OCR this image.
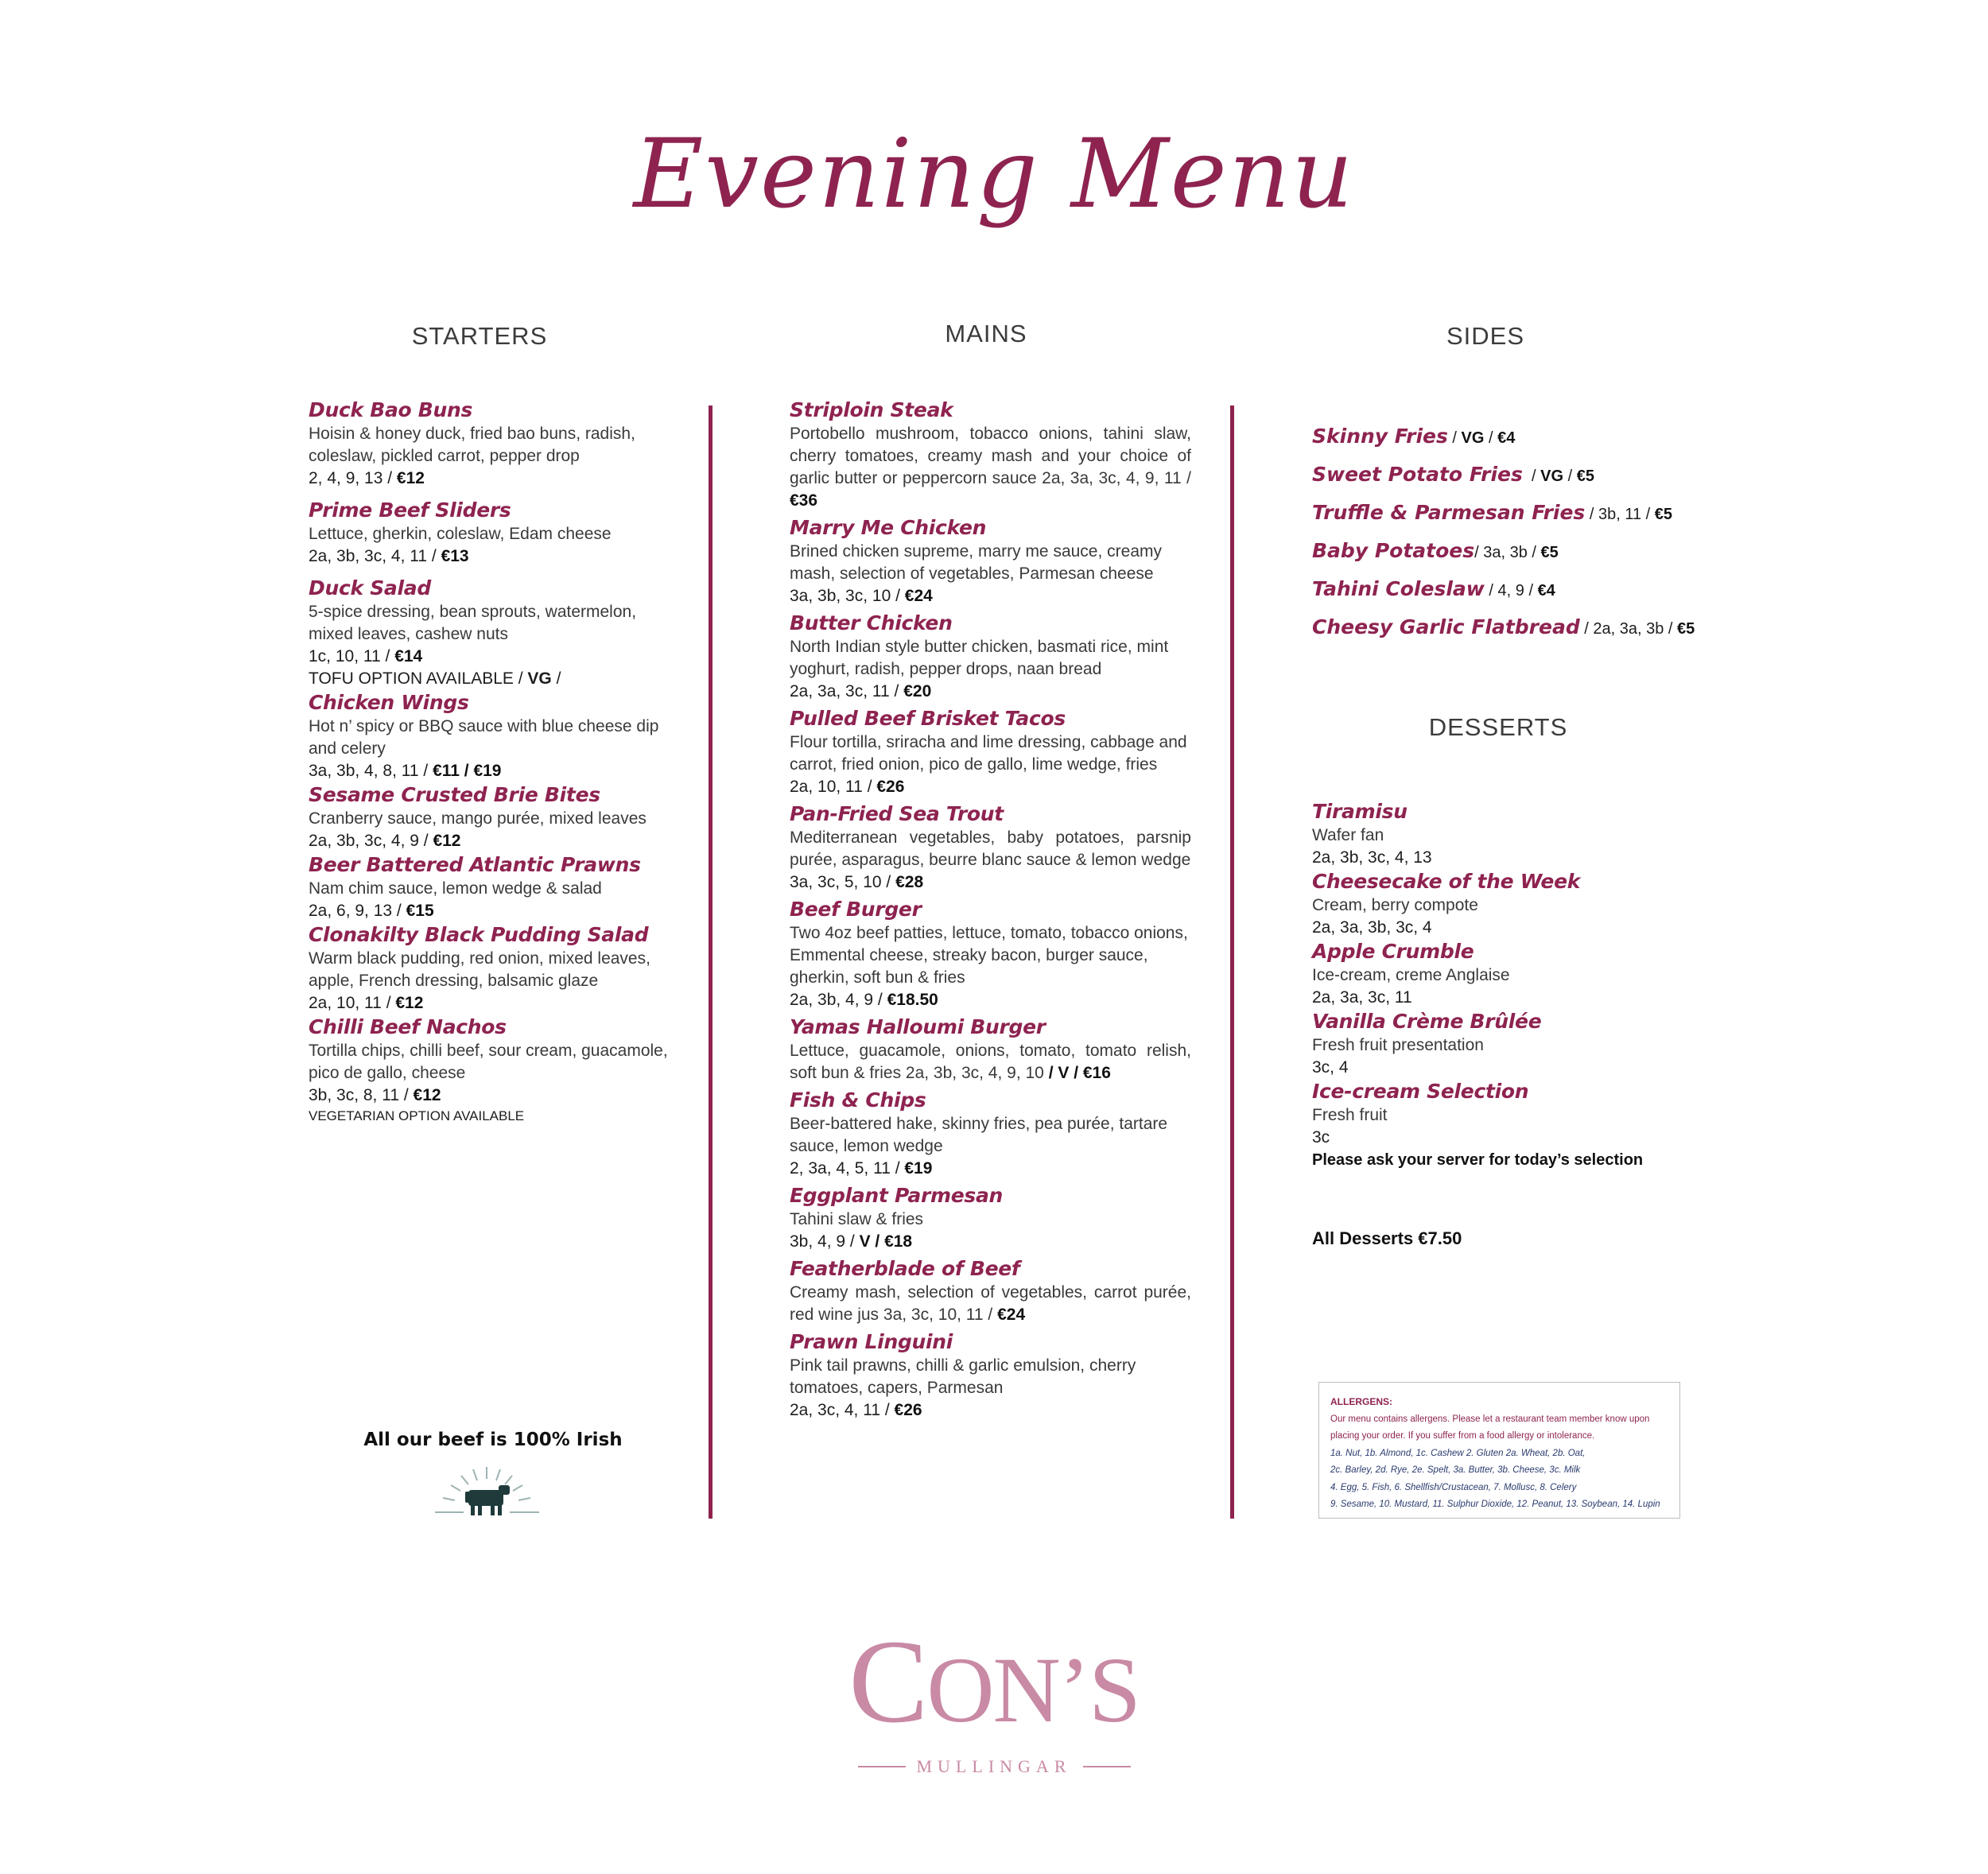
Evening Menu
STARTERS	MAINS	SIDES
DESSERTS
Duck Bao Buns
Hoisin & honey duck, fried bao buns, radish, coleslaw, pickled carrot, pepper drop
2, 4, 9, 13 / €12
Prime Beef Sliders
Lettuce, gherkin, coleslaw, Edam cheese
2a, 3b, 3c, 4, 11 / €13
Duck Salad
5-spice dressing, bean sprouts, watermelon, mixed leaves, cashew nuts
1c, 10, 11 / €14
TOFU OPTION AVAILABLE / VG /
Chicken Wings
Hot n’ spicy or BBQ sauce with blue cheese dip and celery
3a, 3b, 4, 8, 11 / €11 / €19
Sesame Crusted Brie Bites
Cranberry sauce, mango purée, mixed leaves
2a, 3b, 3c, 4, 9 / €12
Beer Battered Atlantic Prawns
Nam chim sauce, lemon wedge & salad
2a, 6, 9, 13 / €15
Clonakilty Black Pudding Salad
Warm black pudding, red onion, mixed leaves, apple, French dressing, balsamic glaze
2a, 10, 11 / €12
Chilli Beef Nachos
Tortilla chips, chilli beef, sour cream, guacamole, pico de gallo, cheese
3b, 3c, 8, 11 / €12
VEGETARIAN OPTION AVAILABLE
Striploin Steak
Portobello mushroom, tobacco onions, tahini slaw, cherry tomatoes, creamy mash and your choice of garlic butter or peppercorn sauce 2a, 3a, 3c, 4, 9, 11 / €36
Marry Me Chicken
Brined chicken supreme, marry me sauce, creamy mash, selection of vegetables, Parmesan cheese
3a, 3b, 3c, 10 / €24
Butter Chicken
North Indian style butter chicken, basmati rice, mint yoghurt, radish, pepper drops, naan bread
2a, 3a, 3c, 11 / €20
Pulled Beef Brisket Tacos
Flour tortilla, sriracha and lime dressing, cabbage and carrot, fried onion, pico de gallo, lime wedge, fries
2a, 10, 11 / €26
Pan-Fried Sea Trout
Mediterranean vegetables, baby potatoes, parsnip purée, asparagus, beurre blanc sauce & lemon wedge
3a, 3c, 5, 10 / €28
Beef Burger
Two 4oz beef patties, lettuce, tomato, tobacco onions, Emmental cheese, streaky bacon, burger sauce, gherkin, soft bun & fries
2a, 3b, 4, 9 / €18.50
Yamas Halloumi Burger
Lettuce, guacamole, onions, tomato, tomato relish, soft bun & fries 2a, 3b, 3c, 4, 9, 10 / V / €16
Fish & Chips
Beer-battered hake, skinny fries, pea purée, tartare sauce, lemon wedge
2, 3a, 4, 5, 11 / €19
Eggplant Parmesan
Tahini slaw & fries
3b, 4, 9 / V / €18
Featherblade of Beef
Creamy mash, selection of vegetables, carrot purée, red wine jus 3a, 3c, 10, 11 / €24
Prawn Linguini
Pink tail prawns, chilli & garlic emulsion, cherry tomatoes, capers, Parmesan
2a, 3c, 4, 11 / €26
Skinny Fries / VG / €4
Sweet Potato Fries  / VG / €5
Truffle & Parmesan Fries / 3b, 11 / €5
Baby Potatoes/ 3a, 3b / €5
Tahini Coleslaw / 4, 9 / €4
Cheesy Garlic Flatbread / 2a, 3a, 3b / €5
Tiramisu
Wafer fan
2a, 3b, 3c, 4, 13
Cheesecake of the Week
Cream, berry compote
2a, 3a, 3b, 3c, 4
Apple Crumble
Ice-cream, creme Anglaise
2a, 3a, 3c, 11
Vanilla Crème Brûlée
Fresh fruit presentation
3c, 4
Ice-cream Selection
Fresh fruit
3c
Please ask your server for today’s selection
All Desserts €7.50
ALLERGENS:
Our menu contains allergens. Please let a restaurant team member know upon placing your order. If you suffer from a food allergy or intolerance.
1a. Nut, 1b. Almond, 1c. Cashew 2. Gluten 2a. Wheat, 2b. Oat,
2c. Barley, 2d. Rye, 2e. Spelt, 3a. Butter, 3b. Cheese, 3c. Milk
4. Egg, 5. Fish, 6. Shellfish/Crustacean, 7. Mollusc, 8. Celery
9. Sesame, 10. Mustard, 11. Sulphur Dioxide, 12. Peanut, 13. Soybean, 14. Lupin
All our beef is 100% Irish
CON’S
MULLINGAR
